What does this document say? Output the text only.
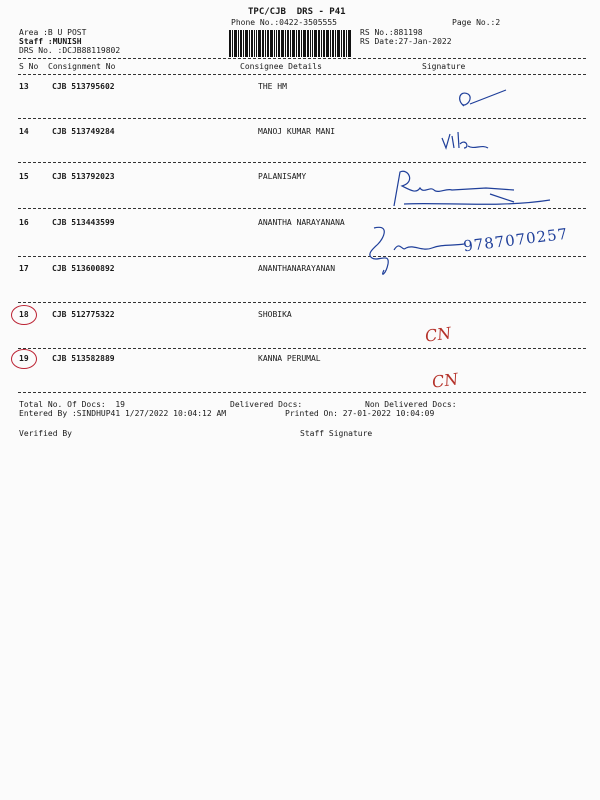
TPC/CJB  DRS - P41
Phone No.:0422-3505555	Page No.:2
Area :B U POST
Staff :MUNISH
DRS No. :DCJB88119802
RS No.:881198
RS Date:27-Jan-2022
S No Consignment No	Consignee Details	Signature
13	CJB 513795602	THE HM
14	CJB 513749284	MANOJ KUMAR MANI
15	CJB 513792023	PALANISAMY
16	CJB 513443599	ANANTHA NARAYANANA
17	CJB 513600892	ANANTHANARAYANAN
18	CJB 512775322	SHOBIKA
19	CJB 513582889	KANNA PERUMAL
9787070257
CN
CN
Total No. Of Docs:  19	Delivered Docs:	Non Delivered Docs:
Entered By :SINDHUP41 1/27/2022 10:04:12 AM	Printed On: 27-01-2022 10:04:09
Verified By	Staff Signature
